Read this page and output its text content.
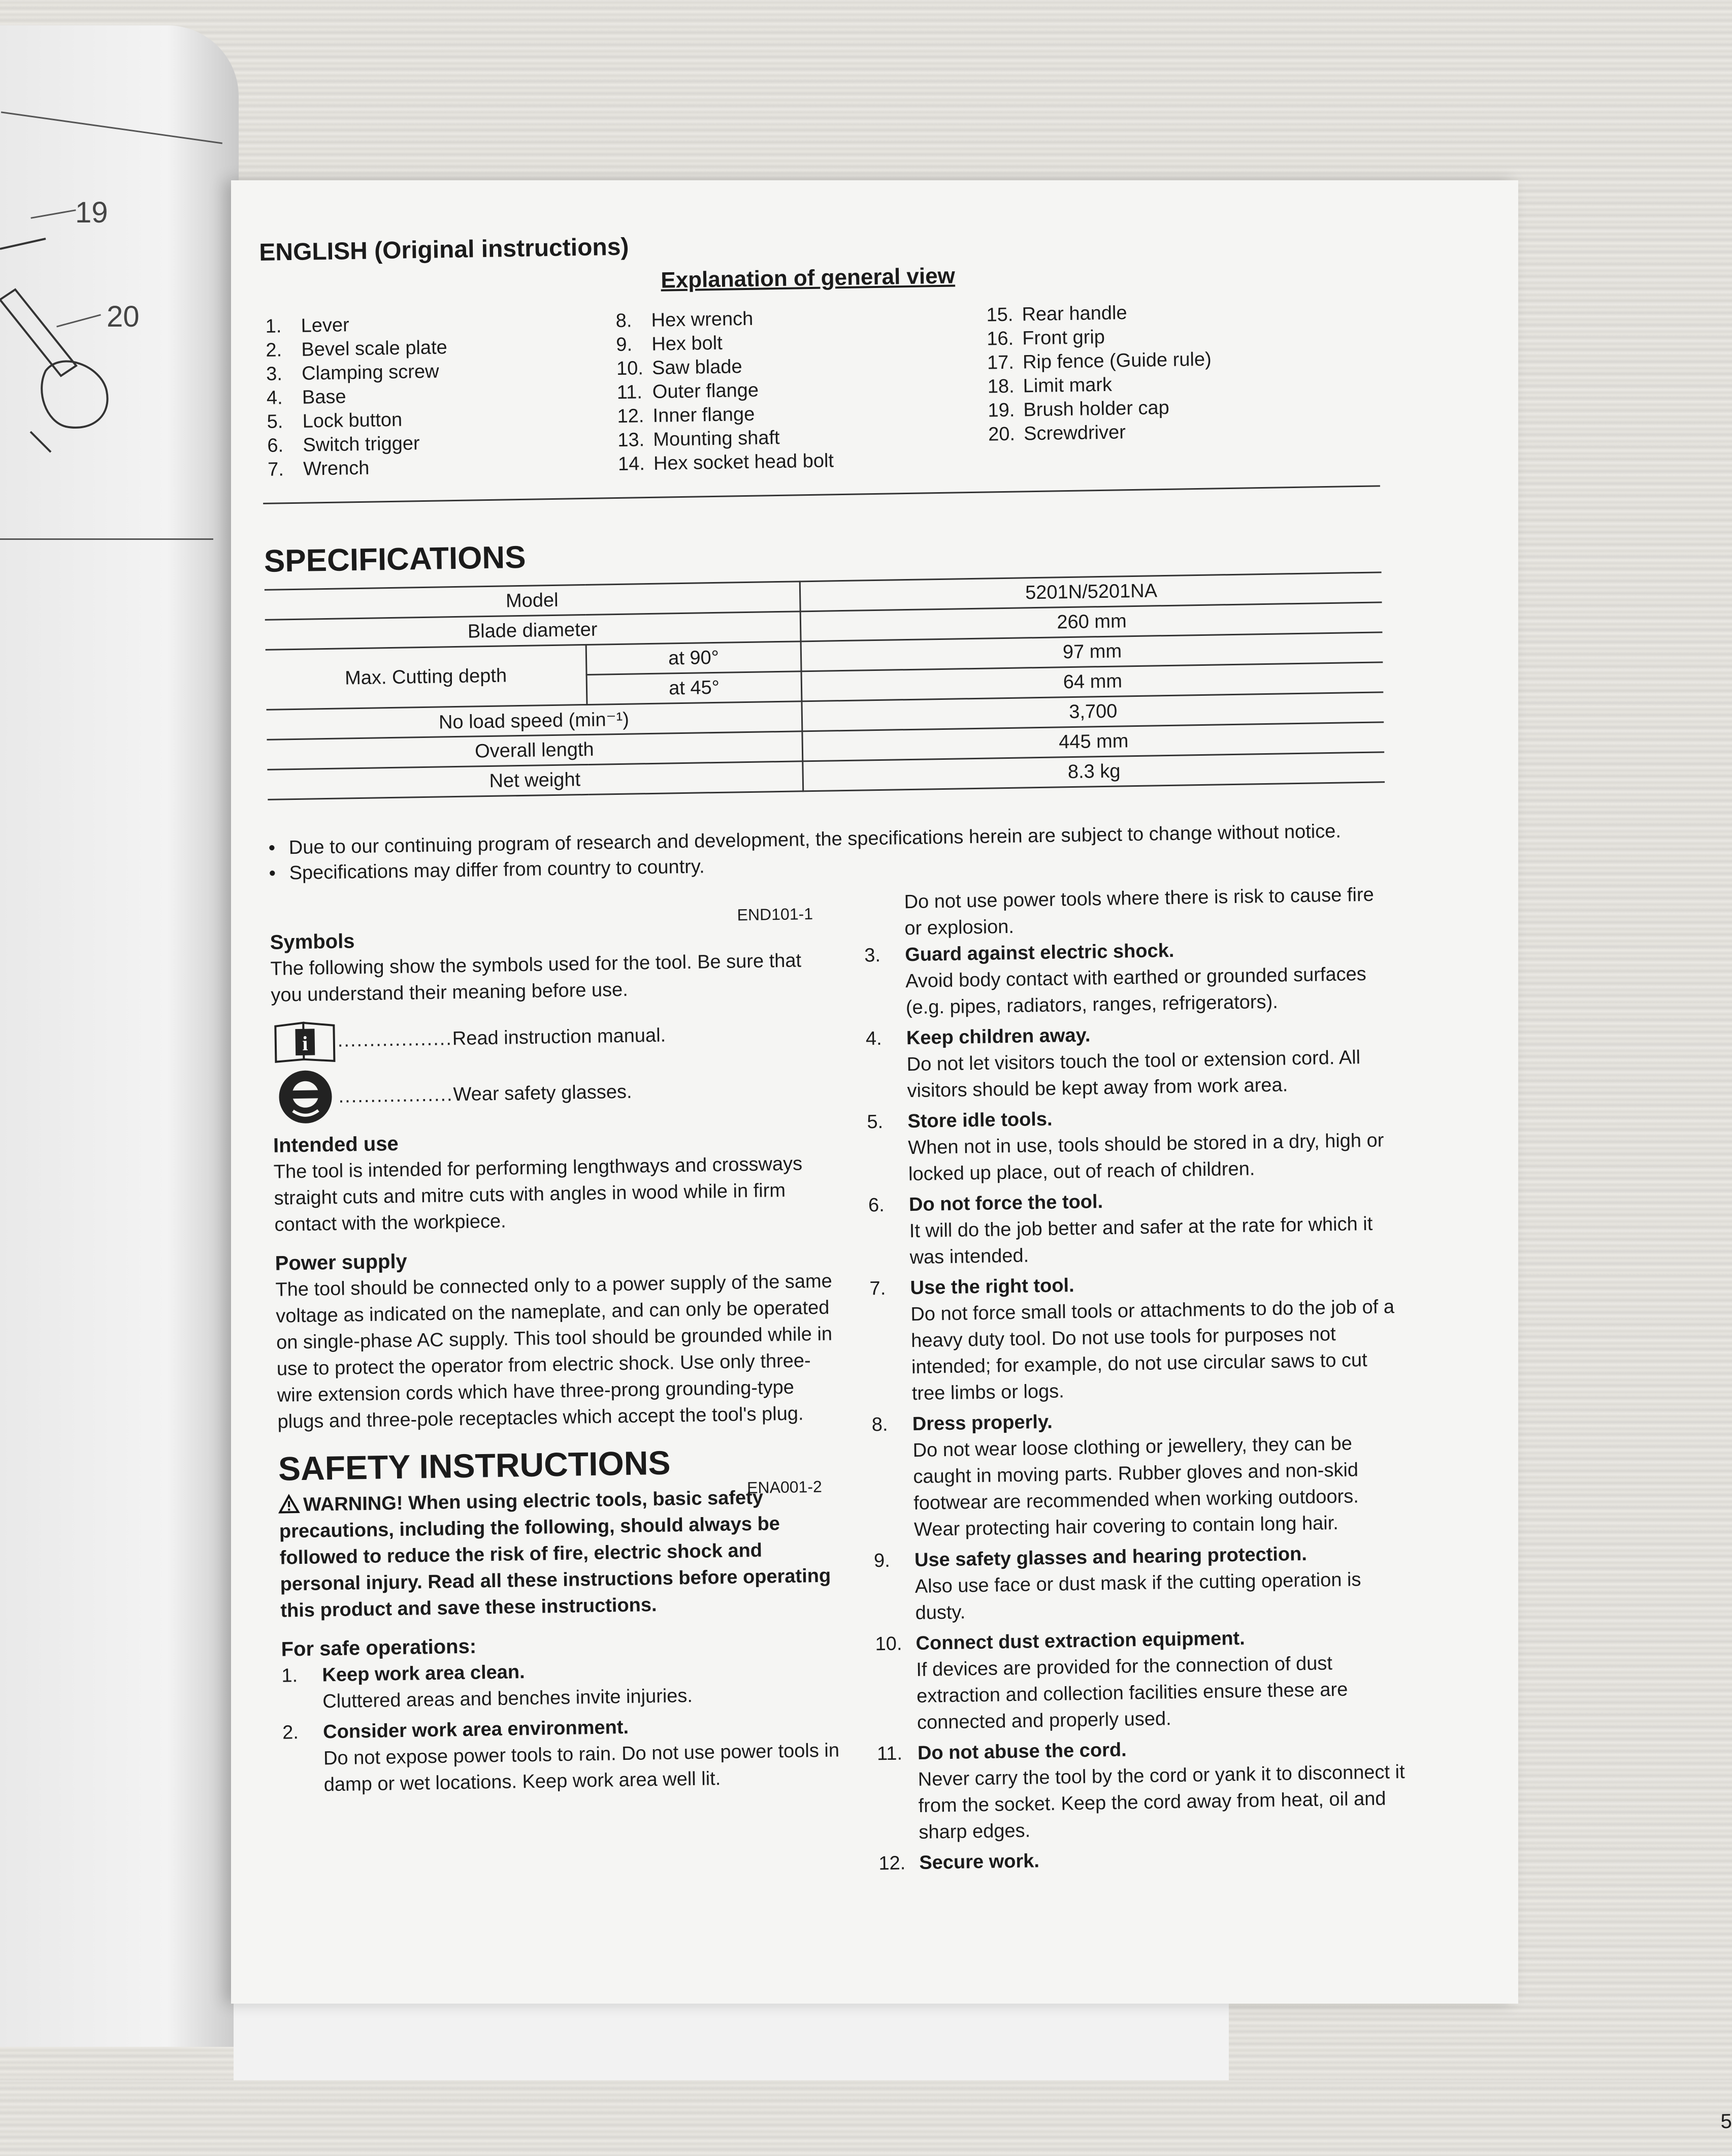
19
20
ENGLISH (Original instructions)
Explanation of general view
1. Lever
2. Bevel scale plate
3. Clamping screw
4. Base
5. Lock button
6. Switch trigger
7. Wrench
8. Hex wrench
9. Hex bolt
10. Saw blade
11. Outer flange
12. Inner flange
13. Mounting shaft
14. Hex socket head bolt
15. Rear handle
16. Front grip
17. Rip fence (Guide rule)
18. Limit mark
19. Brush holder cap
20. Screwdriver
SPECIFICATIONS
Model		5201N/5201NA
Blade diameter		260 mm
Max. Cutting depth	at 90°	97 mm
	at 45°	64 mm
No load speed (min⁻¹)		3,700
Overall length		445 mm
Net weight		8.3 kg
• Due to our continuing program of research and development, the specifications herein are subject to change without notice.
• Specifications may differ from country to country.
END101-1
Symbols
The following show the symbols used for the tool. Be sure that you understand their meaning before use.
i .................. Read instruction manual.
.................. Wear safety glasses.
Intended use
The tool is intended for performing lengthways and crossways straight cuts and mitre cuts with angles in wood while in firm contact with the workpiece.
Power supply
The tool should be connected only to a power supply of the same voltage as indicated on the nameplate, and can only be operated on single-phase AC supply. This tool should be grounded while in use to protect the operator from electric shock. Use only three-wire extension cords which have three-prong grounding-type plugs and three-pole receptacles which accept the tool's plug.
SAFETY INSTRUCTIONS	ENA001-2
WARNING! When using electric tools, basic safety precautions, including the following, should always be followed to reduce the risk of fire, electric shock and personal injury. Read all these instructions before operating this product and save these instructions.
For safe operations:
1. Keep work area clean.
Cluttered areas and benches invite injuries.
2. Consider work area environment.
Do not expose power tools to rain. Do not use power tools in damp or wet locations. Keep work area well lit.
Do not use power tools where there is risk to cause fire or explosion.
3. Guard against electric shock.
Avoid body contact with earthed or grounded surfaces (e.g. pipes, radiators, ranges, refrigerators).
4. Keep children away.
Do not let visitors touch the tool or extension cord. All visitors should be kept away from work area.
5. Store idle tools.
When not in use, tools should be stored in a dry, high or locked up place, out of reach of children.
6. Do not force the tool.
It will do the job better and safer at the rate for which it was intended.
7. Use the right tool.
Do not force small tools or attachments to do the job of a heavy duty tool. Do not use tools for purposes not intended; for example, do not use circular saws to cut tree limbs or logs.
8. Dress properly.
Do not wear loose clothing or jewellery, they can be caught in moving parts. Rubber gloves and non-skid footwear are recommended when working outdoors. Wear protecting hair covering to contain long hair.
9. Use safety glasses and hearing protection.
Also use face or dust mask if the cutting operation is dusty.
10. Connect dust extraction equipment.
If devices are provided for the connection of dust extraction and collection facilities ensure these are connected and properly used.
11. Do not abuse the cord.
Never carry the tool by the cord or yank it to disconnect it from the socket. Keep the cord away from heat, oil and sharp edges.
12. Secure work.
5
